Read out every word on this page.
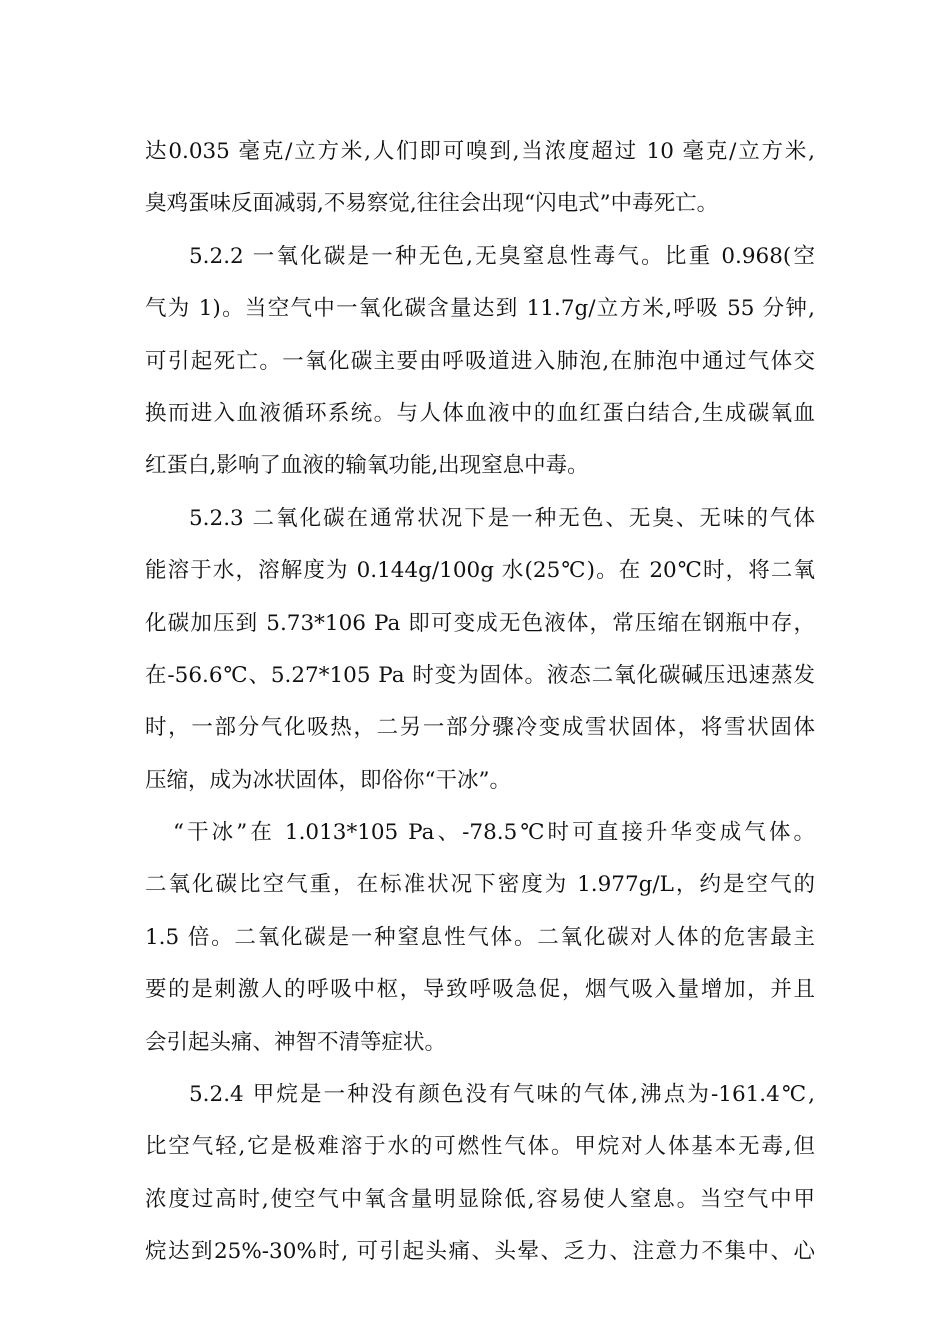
达0.035 毫克/立方米,人们即可嗅到,当浓度超过 10 毫克/立方米,
臭鸡蛋味反面减弱,不易察觉,往往会出现“闪电式”中毒死亡。
5.2.2 一氧化碳是一种无色,无臭窒息性毒气。比重 0.968(空
气为 1)。当空气中一氧化碳含量达到 11.7g/立方米,呼吸 55 分钟,
可引起死亡。一氧化碳主要由呼吸道进入肺泡,在肺泡中通过气体交
换而进入血液循环系统。与人体血液中的血红蛋白结合,生成碳氧血
红蛋白,影响了血液的输氧功能,出现窒息中毒。
5.2.3 二氧化碳在通常状况下是一种无色、无臭、无味的气体
能溶于水，溶解度为 0.144g/100g 水(25℃)。在 20℃时，将二氧
化碳加压到 5.73*106 Pa 即可变成无色液体，常压缩在钢瓶中存，
在-56.6℃、5.27*105 Pa 时变为固体。液态二氧化碳碱压迅速蒸发
时，一部分气化吸热，二另一部分骤冷变成雪状固体，将雪状固体
压缩，成为冰状固体，即俗你“干冰”。
“干冰”在 1.013*105 Pa、-78.5℃时可直接升华变成气体。
二氧化碳比空气重，在标准状况下密度为 1.977g/L，约是空气的
1.5 倍。二氧化碳是一种窒息性气体。二氧化碳对人体的危害最主
要的是刺激人的呼吸中枢，导致呼吸急促，烟气吸入量增加，并且
会引起头痛、神智不清等症状。
5.2.4 甲烷是一种没有颜色没有气味的气体,沸点为-161.4℃,
比空气轻,它是极难溶于水的可燃性气体。甲烷对人体基本无毒,但
浓度过高时,使空气中氧含量明显除低,容易使人窒息。当空气中甲
烷达到25%-30%时, 可引起头痛、头晕、乏力、注意力不集中、心
